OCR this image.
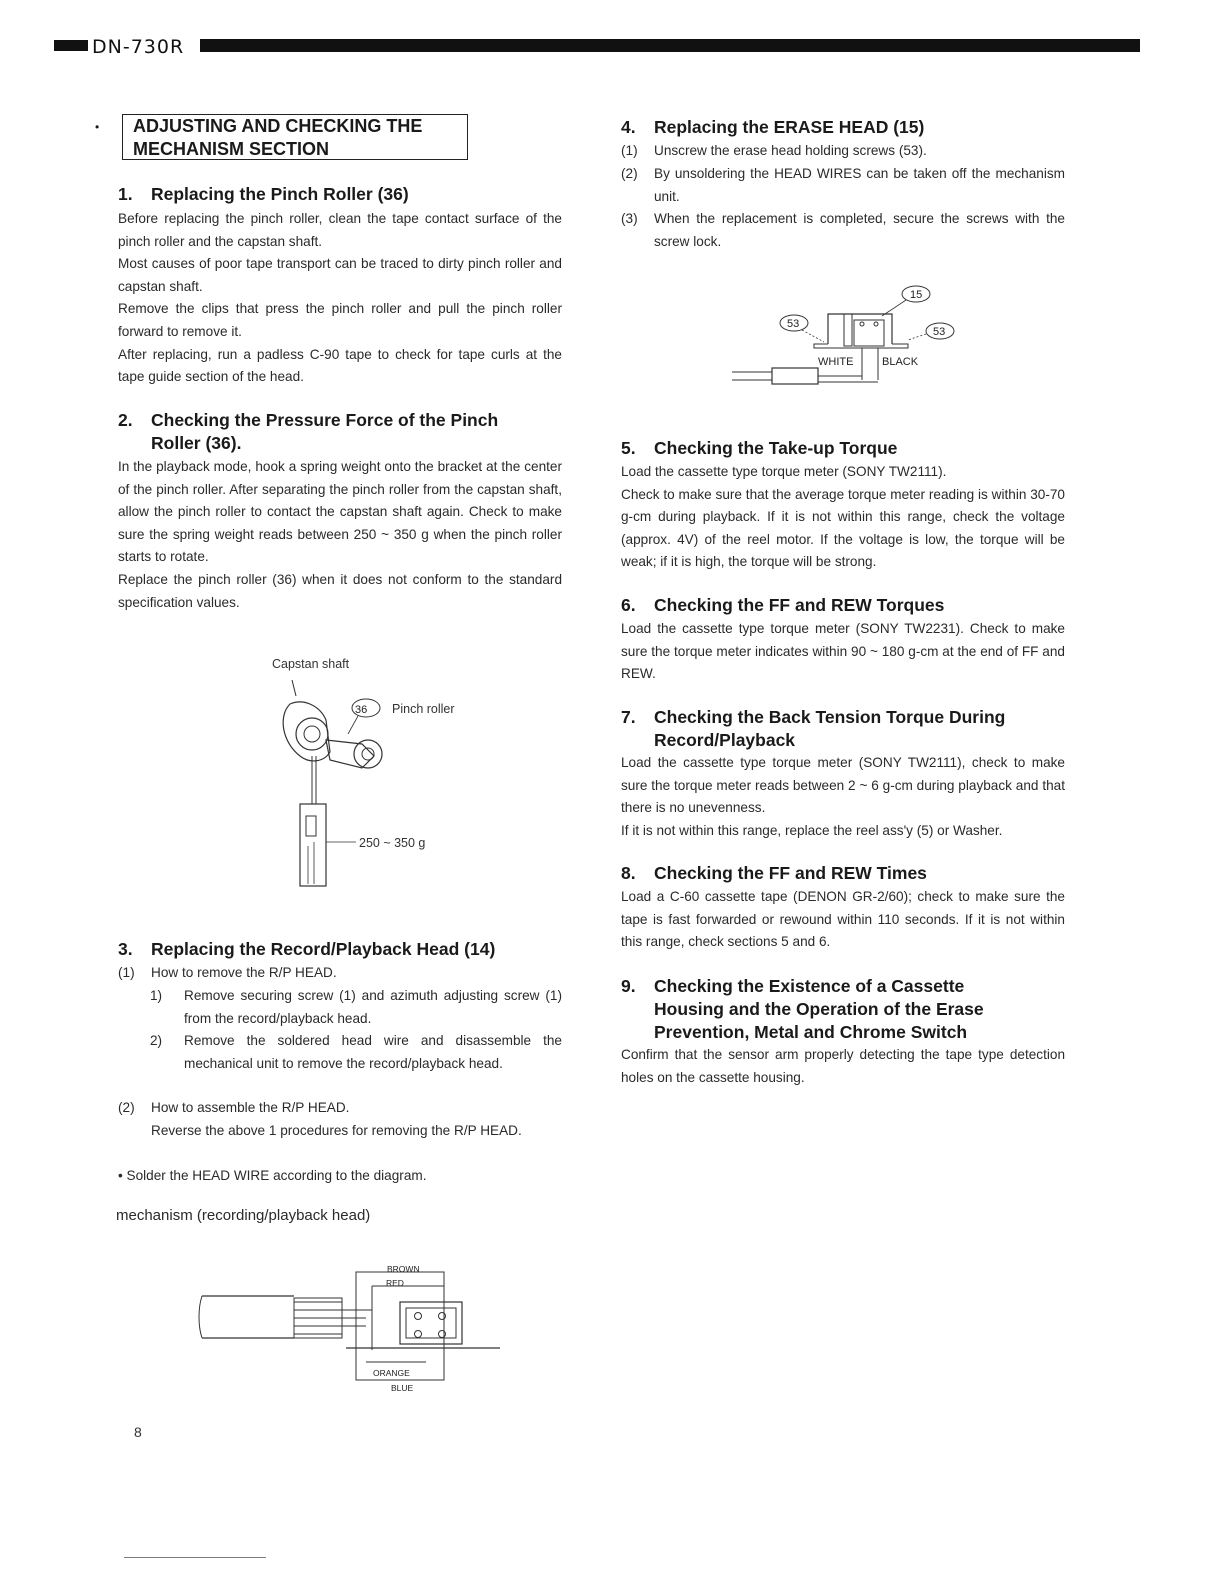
DN-730R
• ADJUSTING AND CHECKING THE
MECHANISM SECTION
1. Replacing the Pinch Roller (36)
Before replacing the pinch roller, clean the tape contact surface of the pinch roller and the capstan shaft.
Most causes of poor tape transport can be traced to dirty pinch roller and capstan shaft.
Remove the clips that press the pinch roller and pull the pinch roller forward to remove it.
After replacing, run a padless C-90 tape to check for tape curls at the tape guide section of the head.
2. Checking the Pressure Force of the Pinch
Roller (36).
In the playback mode, hook a spring weight onto the bracket at the center of the pinch roller. After separating the pinch roller from the capstan shaft, allow the pinch roller to contact the capstan shaft again. Check to make sure the spring weight reads between 250 ~ 350 g when the pinch roller starts to rotate.
Replace the pinch roller (36) when it does not conform to the standard specification values.
Capstan shaft
Pinch roller
250 ~ 350 g
36
3. Replacing the Record/Playback Head (14)
(1)	How to remove the R/P HEAD.
1)	Remove securing screw (1) and azimuth adjusting screw (1) from the record/playback head.
2)	Remove the soldered head wire and disassemble the mechanical unit to remove the record/playback head.
(2)	How to assemble the R/P HEAD.
Reverse the above 1 procedures for removing the R/P HEAD.
• Solder the HEAD WIRE according to the diagram.
mechanism (recording/playback head)
BROWN
RED
ORANGE
BLUE
8
4. Replacing the ERASE HEAD (15)
(1)	Unscrew the erase head holding screws (53).
(2)	By unsoldering the HEAD WIRES can be taken off the mechanism unit.
(3)	When the replacement is completed, secure the screws with the screw lock.
15
53
53
WHITE	BLACK
5. Checking the Take-up Torque
Load the cassette type torque meter (SONY TW2111).
Check to make sure that the average torque meter reading is within 30-70 g-cm during playback. If it is not within this range, check the voltage (approx. 4V) of the reel motor. If the voltage is low, the torque will be weak; if it is high, the torque will be strong.
6. Checking the FF and REW Torques
Load the cassette type torque meter (SONY TW2231). Check to make sure the torque meter indicates within 90 ~ 180 g-cm at the end of FF and REW.
7. Checking the Back Tension Torque During
Record/Playback
Load the cassette type torque meter (SONY TW2111), check to make sure the torque meter reads between 2 ~ 6 g-cm during playback and that there is no unevenness.
If it is not within this range, replace the reel ass'y (5) or Washer.
8. Checking the FF and REW Times
Load a C-60 cassette tape (DENON GR-2/60); check to make sure the tape is fast forwarded or rewound within 110 seconds. If it is not within this range, check sections 5 and 6.
9. Checking the Existence of a Cassette
Housing and the Operation of the Erase
Prevention, Metal and Chrome Switch
Confirm that the sensor arm properly detecting the tape type detection holes on the cassette housing.
